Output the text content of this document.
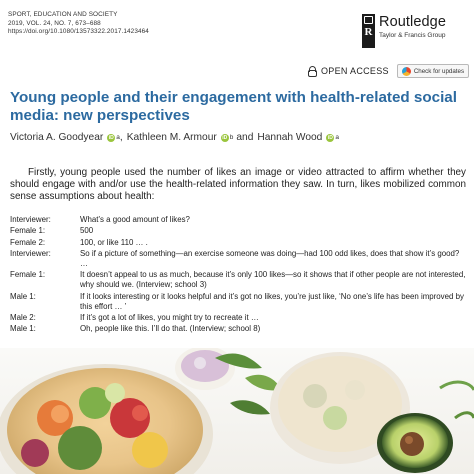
SPORT, EDUCATION AND SOCIETY
2019, VOL. 24, NO. 7, 673–688
https://doi.org/10.1080/13573322.2017.1423464	R
Routledge
Taylor & Francis Group
OPEN ACCESS	Check for updates
Young people and their engagement with health-related social media: new perspectives
Victoria A. Goodyear	iD a , Kathleen M. Armour	iD b and Hannah Wood	iD a

Firstly, young people used the number of likes an image or video attracted to affirm whether they should engage with and/or use the health-related information they saw. In turn, likes mobilized common sense assumptions about health:

Interviewer:	What’s a good amount of likes?
Female 1:	500
Female 2:	100, or like 110 … .
Interviewer:	So if a picture of something—an exercise someone was doing—had 100 odd likes, does that show it’s good? …
Female 1:	It doesn’t appeal to us as much, because it’s only 100 likes—so it shows that if other people are not interested, why should we. (Interview; school 3)
Male 1:	If it looks interesting or it looks helpful and it’s got no likes, you’re just like, ‘No one’s life has been improved by this effort … ’
Male 2:	If it’s got a lot of likes, you might try to recreate it …
Male 1:	Oh, people like this. I’ll do that. (Interview; school 8)
